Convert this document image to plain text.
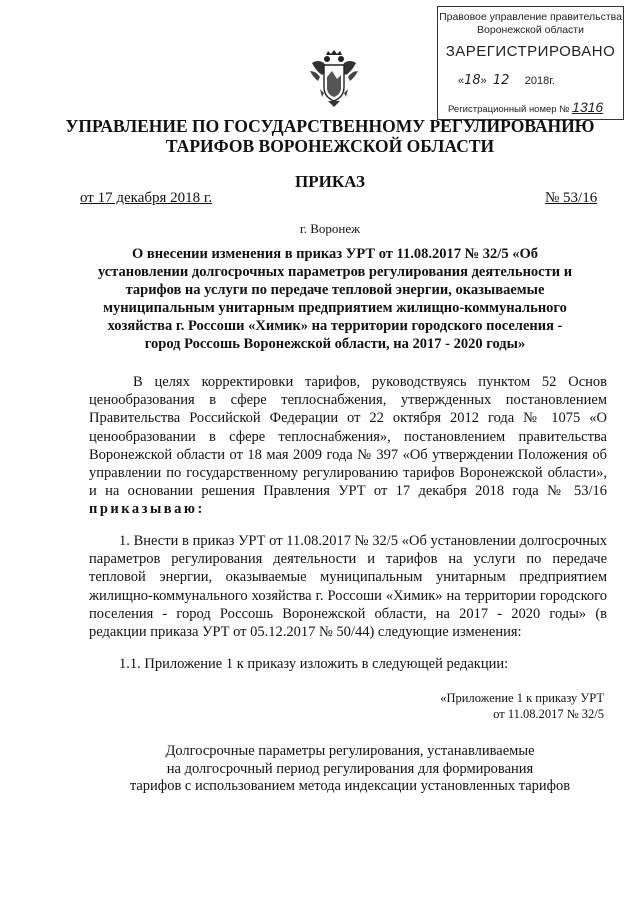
Правовое управление правительства Воронежской области
ЗАРЕГИСТРИРОВАНО
«18»  12 2018г.
Регистрационный номер № 1316
УПРАВЛЕНИЕ ПО ГОСУДАРСТВЕННОМУ РЕГУЛИРОВАНИЮ
ТАРИФОВ ВОРОНЕЖСКОЙ ОБЛАСТИ
ПРИКАЗ
от 17 декабря 2018 г.	№ 53/16
г. Воронеж
О внесении изменения в приказ УРТ от 11.08.2017 № 32/5 «Об установлении долгосрочных параметров регулирования деятельности и тарифов на услуги по передаче тепловой энергии, оказываемые муниципальным унитарным предприятием жилищно-коммунального хозяйства г. Россоши «Химик» на территории городского поселения - город Россошь Воронежской области, на 2017 - 2020 годы»
В целях корректировки тарифов, руководствуясь пунктом 52 Основ ценообразования в сфере теплоснабжения, утвержденных постановлением Правительства Российской Федерации от 22 октября 2012 года № 1075 «О ценообразовании в сфере теплоснабжения», постановлением правительства Воронежской области от 18 мая 2009 года № 397 «Об утверждении Положения об управлении по государственному регулированию тарифов Воронежской области», и на основании решения Правления УРТ от 17 декабря 2018 года № 53/16 приказываю:
1. Внести в приказ УРТ от 11.08.2017 № 32/5 «Об установлении долгосрочных параметров регулирования деятельности и тарифов на услуги по передаче тепловой энергии, оказываемые муниципальным унитарным предприятием жилищно-коммунального хозяйства г. Россоши «Химик» на территории городского поселения - город Россошь Воронежской области, на 2017 - 2020 годы» (в редакции приказа УРТ от 05.12.2017 № 50/44) следующие изменения:
1.1. Приложение 1 к приказу изложить в следующей редакции:
«Приложение 1 к приказу УРТ
от 11.08.2017 № 32/5
Долгосрочные параметры регулирования, устанавливаемые
на долгосрочный период регулирования для формирования
тарифов с использованием метода индексации установленных тарифов
